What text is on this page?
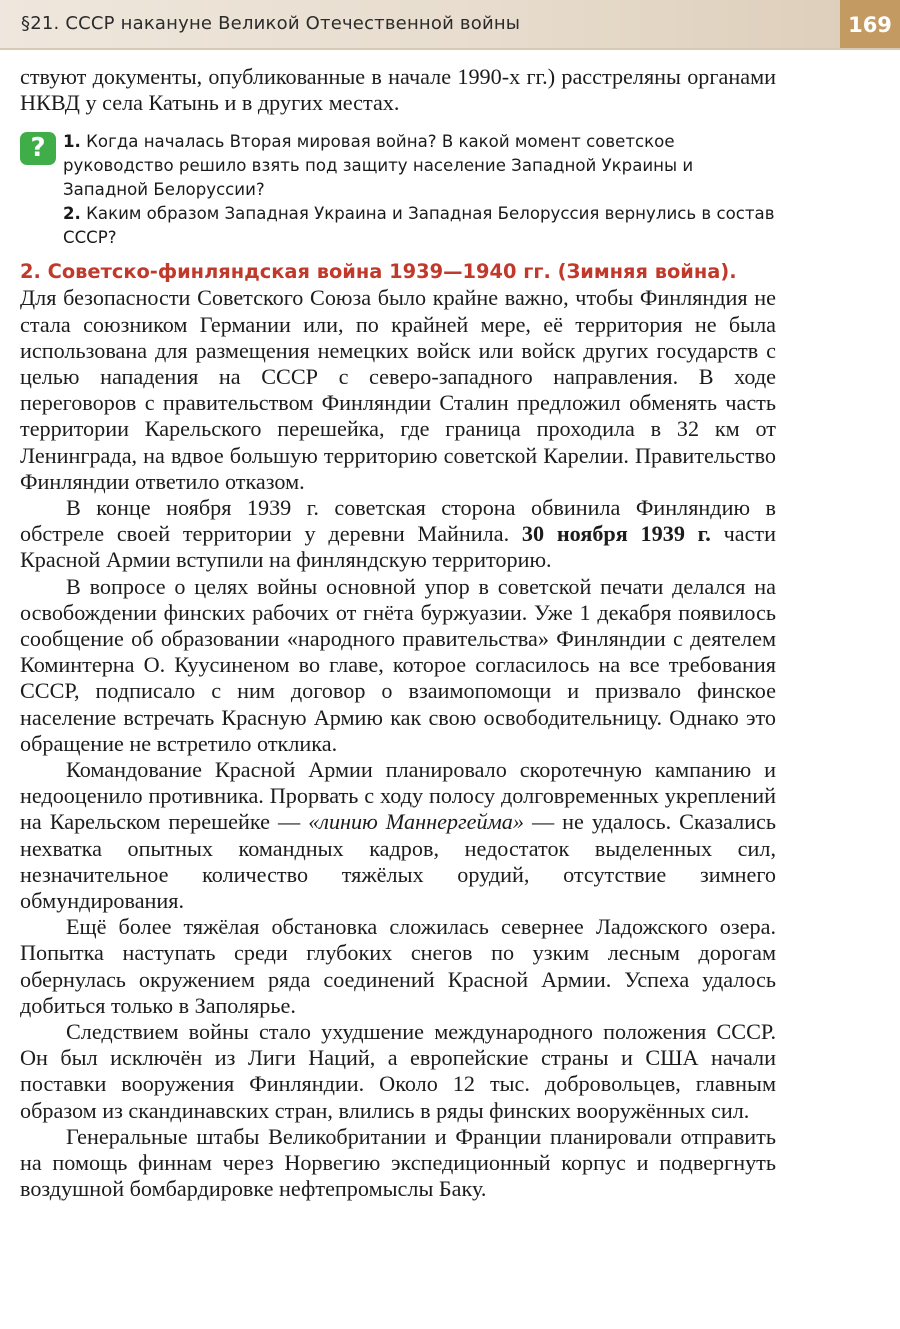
§21. СССР накануне Великой Отечественной войны	169

ствуют документы, опубликованные в начале 1990-х гг.) расстреляны органами НКВД у села Катынь и в других местах.

?	1. Когда началась Вторая мировая война? В какой момент советское руководство решило взять под защиту население Западной Украины и Западной Белоруссии?

2. Каким образом Западная Украина и Западная Белоруссия вернулись в состав СССР?

2. Советско-финляндская война 1939—1940 гг. (Зимняя война).

Для безопасности Советского Союза было крайне важно, чтобы Финляндия не стала союзником Германии или, по крайней мере, её территория не была использована для размещения немецких войск или войск других государств с целью нападения на СССР с северо-западного направления. В ходе переговоров с правительством Финляндии Сталин предложил обменять часть территории Карельского перешейка, где граница проходила в 32 км от Ленинграда, на вдвое большую территорию советской Карелии. Правительство Финляндии ответило отказом.

В конце ноября 1939 г. советская сторона обвинила Финляндию в обстреле своей территории у деревни Майнила. 30 ноября 1939 г. части Красной Армии вступили на финляндскую территорию.

В вопросе о целях войны основной упор в советской печати делался на освобождении финских рабочих от гнёта буржуазии. Уже 1 декабря появилось сообщение об образовании «народного правительства» Финляндии с деятелем Коминтерна О. Куусиненом во главе, которое согласилось на все требования СССР, подписало с ним договор о взаимопомощи и призвало финское население встречать Красную Армию как свою освободительницу. Однако это обращение не встретило отклика.

Командование Красной Армии планировало скоротечную кампанию и недооценило противника. Прорвать с ходу полосу долговременных укреплений на Карельском перешейке — «линию Маннергейма» — не удалось. Сказались нехватка опытных командных кадров, недостаток выделенных сил, незначительное количество тяжёлых орудий, отсутствие зимнего обмундирования.

Ещё более тяжёлая обстановка сложилась севернее Ладожского озера. Попытка наступать среди глубоких снегов по узким лесным дорогам обернулась окружением ряда соединений Красной Армии. Успеха удалось добиться только в Заполярье.

Следствием войны стало ухудшение международного положения СССР. Он был исключён из Лиги Наций, а европейские страны и США начали поставки вооружения Финляндии. Около 12 тыс. добровольцев, главным образом из скандинавских стран, влились в ряды финских вооружённых сил.

Генеральные штабы Великобритании и Франции планировали отправить на помощь финнам через Норвегию экспедиционный корпус и подвергнуть воздушной бомбардировке нефтепромыслы Баку.
